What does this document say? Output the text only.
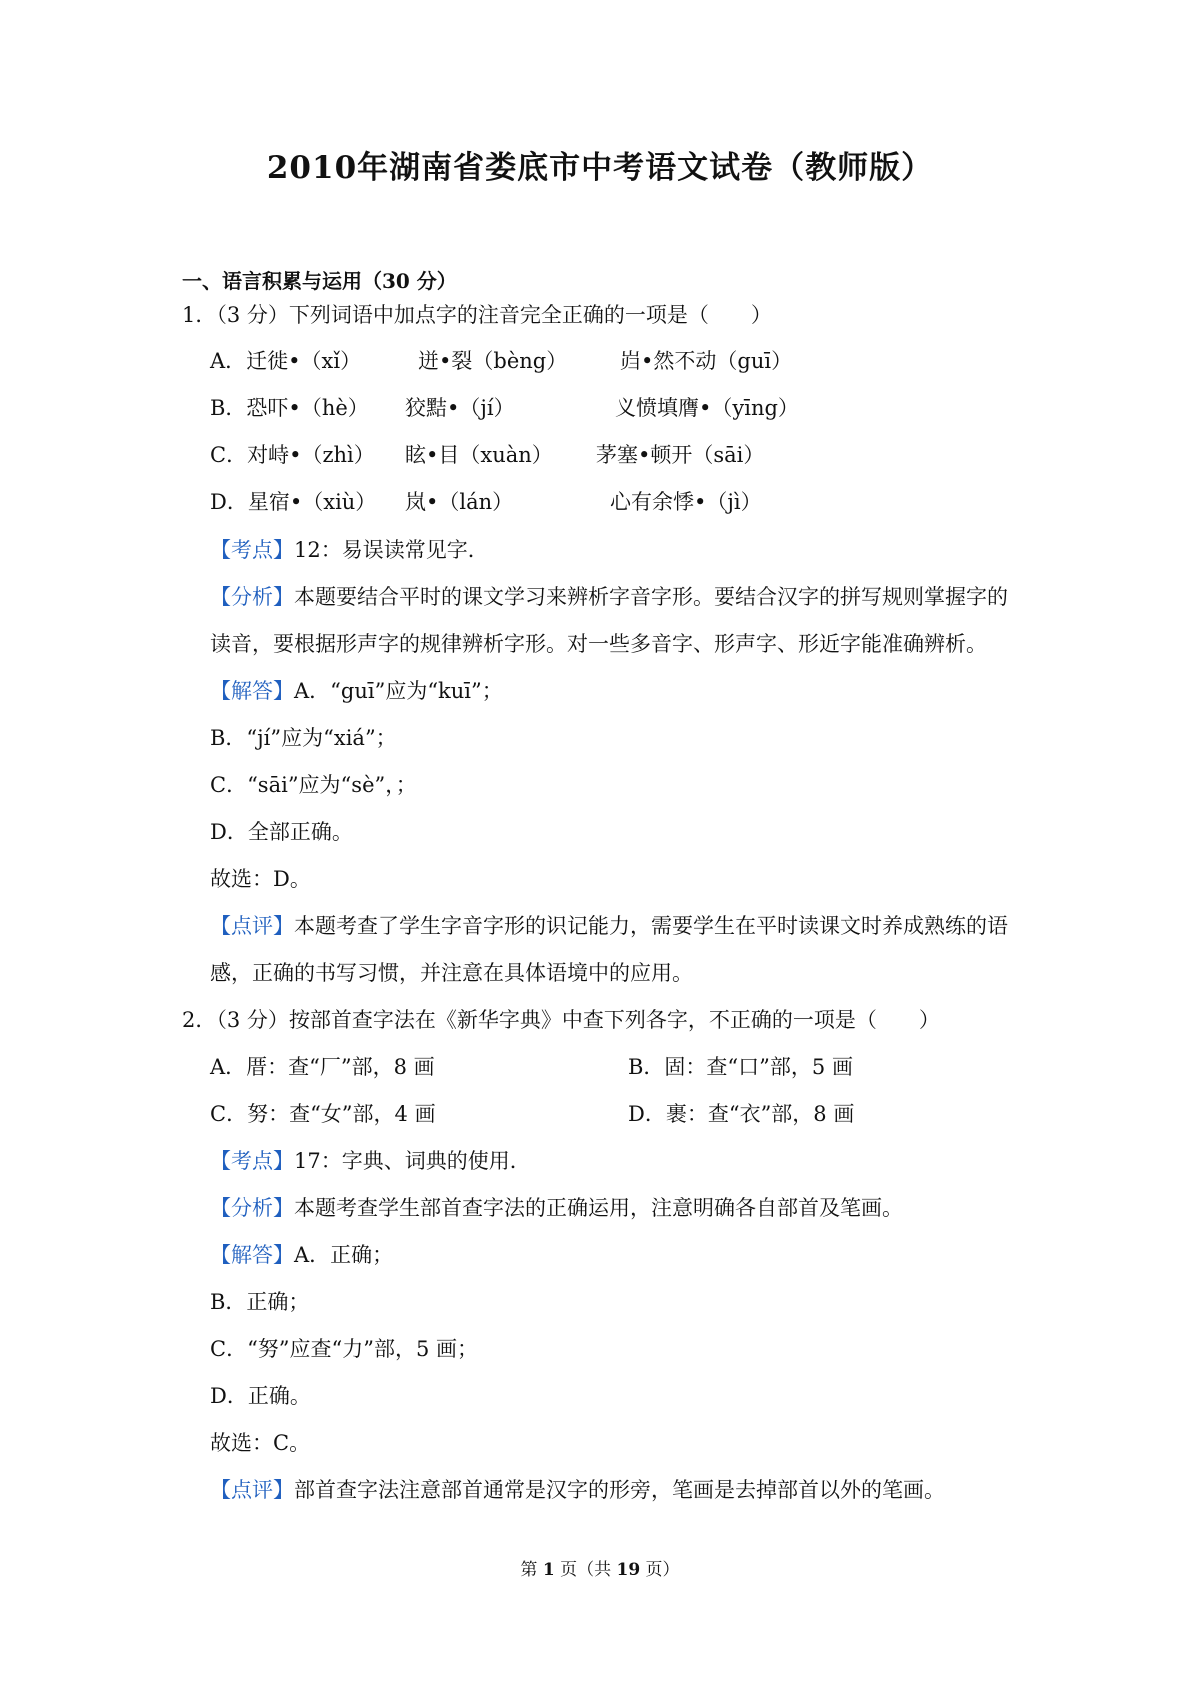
2010年湖南省娄底市中考语文试卷（教师版）
一、语言积累与运用（30 分）
1．（3 分）下列词语中加点字的注音完全正确的一项是（　　）
A．迁徙•（xǐ）	迸•裂（bèng）	岿•然不动（guī）
B．恐吓•（hè） 狡黠•（jí）	义愤填膺•（yīng）
C．对峙•（zhì） 眩•目（xuàn） 茅塞•顿开（sāi）
D．星宿•（xiù） 岚•（lán）	心有余悸•（jì）
【考点】12：易误读常见字．
【分析】本题要结合平时的课文学习来辨析字音字形。要结合汉字的拼写规则掌握字的
读音，要根据形声字的规律辨析字形。对一些多音字、形声字、形近字能准确辨析。
【解答】A．“guī”应为“kuī”；
B．“jí”应为“xiá”；
C．“sāi”应为“sè”，；
D．全部正确。
故选：D。
【点评】本题考查了学生字音字形的识记能力，需要学生在平时读课文时养成熟练的语
感，正确的书写习惯，并注意在具体语境中的应用。
2．（3 分）按部首查字法在《新华字典》中查下列各字，不正确的一项是（　　）
A．厝：查“厂”部，8 画	B．固：查“口”部，5 画
C．努：查“女”部，4 画	D．裹：查“衣”部，8 画
【考点】17：字典、词典的使用．
【分析】本题考查学生部首查字法的正确运用，注意明确各自部首及笔画。
【解答】A．正确；
B．正确；
C．“努”应查“力”部，5 画；
D．正确。
故选：C。
【点评】部首查字法注意部首通常是汉字的形旁，笔画是去掉部首以外的笔画。
第 1 页（共 19 页）
